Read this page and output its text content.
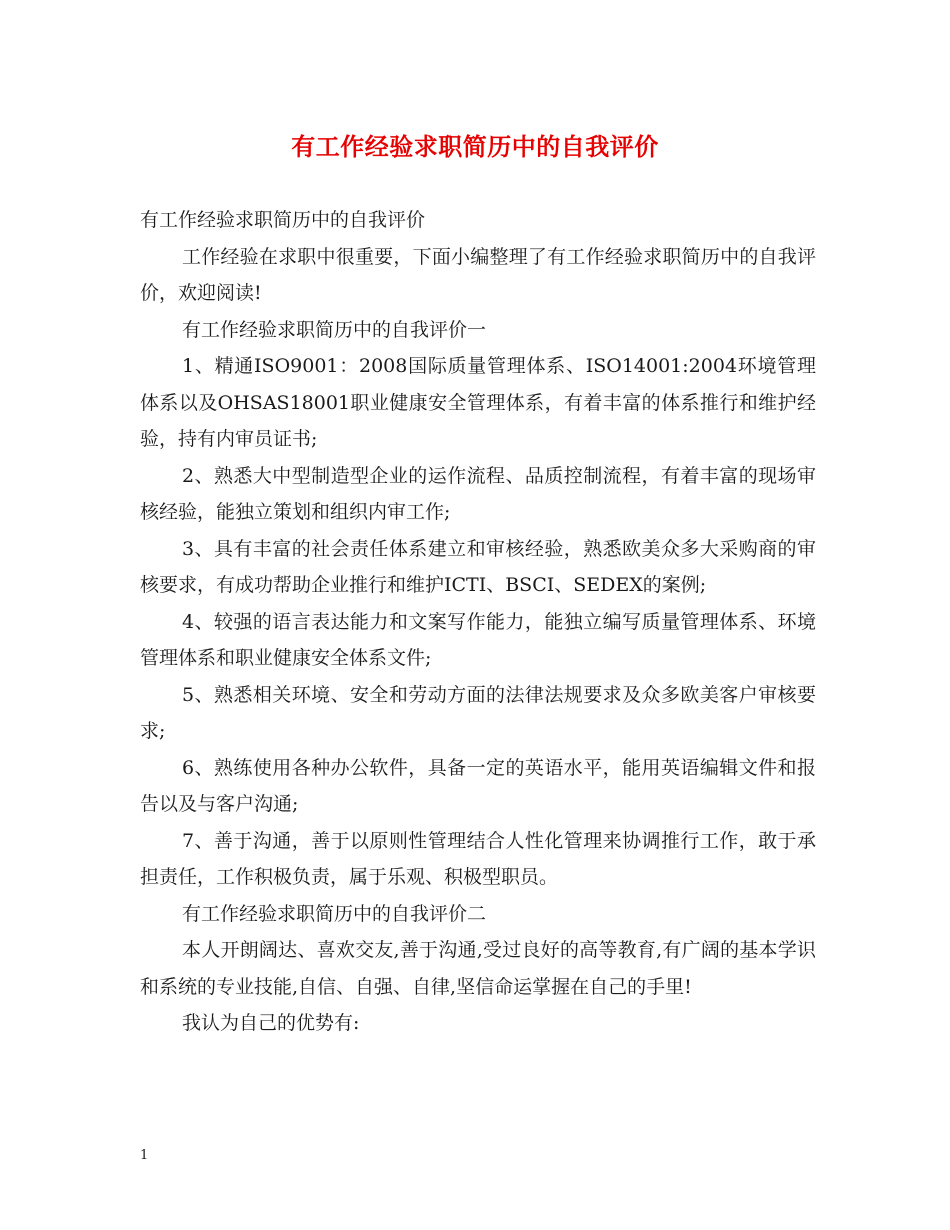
有工作经验求职简历中的自我评价

有工作经验求职简历中的自我评价

工作经验在求职中很重要，下面小编整理了有工作经验求职简历中的自我评价，欢迎阅读!

有工作经验求职简历中的自我评价一

1、精通ISO9001：2008国际质量管理体系、ISO14001:2004环境管理体系以及OHSAS18001职业健康安全管理体系，有着丰富的体系推行和维护经验，持有内审员证书;

2、熟悉大中型制造型企业的运作流程、品质控制流程，有着丰富的现场审核经验，能独立策划和组织内审工作;

3、具有丰富的社会责任体系建立和审核经验，熟悉欧美众多大采购商的审核要求，有成功帮助企业推行和维护ICTI、BSCI、SEDEX的案例;

4、较强的语言表达能力和文案写作能力，能独立编写质量管理体系、环境管理体系和职业健康安全体系文件;

5、熟悉相关环境、安全和劳动方面的法律法规要求及众多欧美客户审核要求;

6、熟练使用各种办公软件，具备一定的英语水平，能用英语编辑文件和报告以及与客户沟通;

7、善于沟通，善于以原则性管理结合人性化管理来协调推行工作，敢于承担责任，工作积极负责，属于乐观、积极型职员。

有工作经验求职简历中的自我评价二

本人开朗阔达、喜欢交友,善于沟通,受过良好的高等教育,有广阔的基本学识和系统的专业技能,自信、自强、自律,坚信命运掌握在自己的手里!

我认为自己的优势有:

1
